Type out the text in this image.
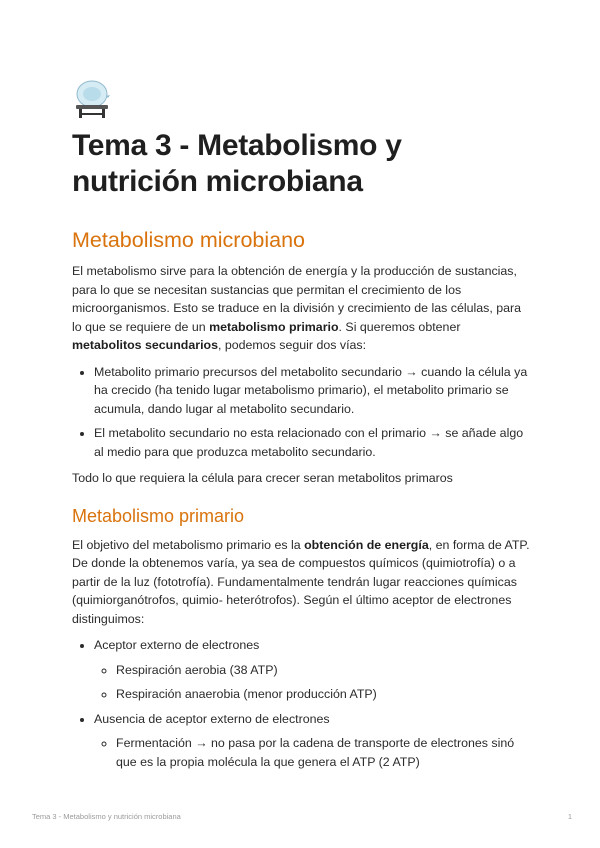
Tema 3 - Metabolismo y nutrición microbiana
Metabolismo microbiano

El metabolismo sirve para la obtención de energía y la producción de sustancias, para lo que se necesitan sustancias que permitan el crecimiento de los microorganismos. Esto se traduce en la división y crecimiento de las células, para lo que se requiere de un metabolismo primario. Si queremos obtener metabolitos secundarios, podemos seguir dos vías:

• Metabolito primario precursos del metabolito secundario → cuando la célula ya ha crecido (ha tenido lugar metabolismo primario), el metabolito primario se acumula, dando lugar al metabolito secundario.
• El metabolito secundario no esta relacionado con el primario → se añade algo al medio para que produzca metabolito secundario.

Todo lo que requiera la célula para crecer seran metabolitos primaros

Metabolismo primario

El objetivo del metabolismo primario es la obtención de energía, en forma de ATP. De donde la obtenemos varía, ya sea de compuestos químicos (quimiotrofía) o a partir de la luz (fototrofía). Fundamentalmente tendrán lugar reacciones químicas (quimiorganótrofos, quimio- heterótrofos). Según el último aceptor de electrones distinguimos:

• Aceptor externo de electrones
◦ Respiración aerobia (38 ATP)
◦ Respiración anaerobia (menor producción ATP)
• Ausencia de aceptor externo de electrones
◦ Fermentación → no pasa por la cadena de transporte de electrones sinó que es la propia molécula la que genera el ATP (2 ATP)
Tema 3 - Metabolismo y nutrición microbiana	1
